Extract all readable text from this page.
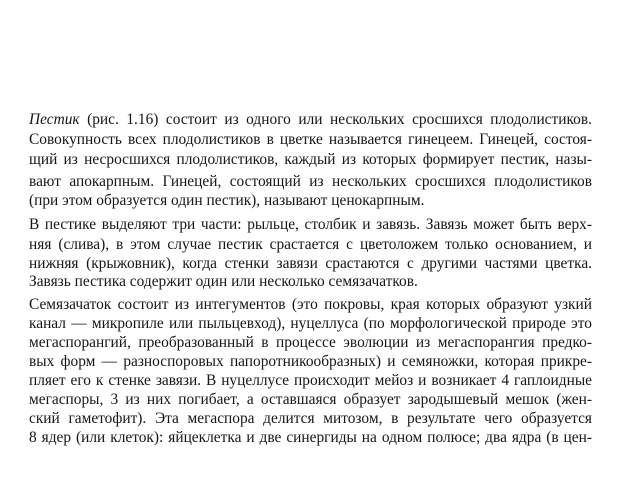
Пестик (рис. 1.16) состоит из одного или нескольких сросшихся плодолистиков.
Совокупность всех плодолистиков в цветке называется гинецеем. Гинецей, состоя-
щий из несросшихся плодолистиков, каждый из которых формирует пестик, назы-
вают апокарпным. Гинецей, состоящий из нескольких сросшихся плодолистиков
(при этом образуется один пестик), называют ценокарпным.
В пестике выделяют три части: рыльце, столбик и завязь. Завязь может быть верх-
няя (слива), в этом случае пестик срастается с цветоложем только основанием, и
нижняя (крыжовник), когда стенки завязи срастаются с другими частями цветка.
Завязь пестика содержит один или несколько семязачатков.
Семязачаток состоит из интегументов (это покровы, края которых образуют узкий
канал — микропиле или пыльцевход), нуцеллуса (по морфологической природе это
мегаспорангий, преобразованный в процессе эволюции из мегаспорангия предко-
вых форм — разноспоровых папоротникообразных) и семяножки, которая прикре-
пляет его к стенке завязи. В нуцеллусе происходит мейоз и возникает 4 гаплоидные
мегаспоры, 3 из них погибает, а оставшаяся образует зародышевый мешок (жен-
ский гаметофит). Эта мегаспора делится митозом, в результате чего образуется
8 ядер (или клеток): яйцеклетка и две синергиды на одном полюсе; два ядра (в цен-
